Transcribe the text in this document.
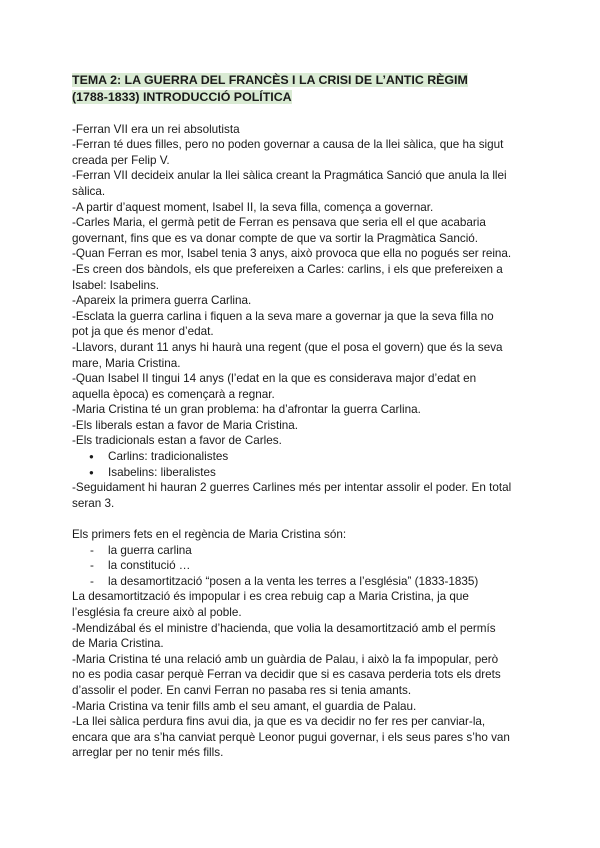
TEMA 2: LA GUERRA DEL FRANCÈS I LA CRISI DE L’ANTIC RÈGIM
(1788-1833) INTRODUCCIÓ POLÍTICA
-Ferran VII era un rei absolutista
-Ferran té dues filles, pero no poden governar a causa de la llei sàlica, que ha sigut
creada per Felip V.
-Ferran VII decideix anular la llei sàlica creant la Pragmática Sanció que anula la llei
sàlica.
-A partir d’aquest moment, Isabel II, la seva filla, comença a governar.
-Carles Maria, el germà petit de Ferran es pensava que seria ell el que acabaria
governant, fins que es va donar compte de que va sortir la Pragmàtica Sanció.
-Quan Ferran es mor, Isabel tenia 3 anys, això provoca que ella no pogués ser reina.
-Es creen dos bàndols, els que prefereixen a Carles: carlins, i els que prefereixen a
Isabel: Isabelins.
-Apareix la primera guerra Carlina.
-Esclata la guerra carlina i fiquen a la seva mare a governar ja que la seva filla no
pot ja que és menor d’edat.
-Llavors, durant 11 anys hi haurà una regent (que el posa el govern) que és la seva
mare, Maria Cristina.
-Quan Isabel II tingui 14 anys (l’edat en la que es considerava major d’edat en
aquella època) es començarà a regnar.
-Maria Cristina té un gran problema: ha d’afrontar la guerra Carlina.
-Els liberals estan a favor de Maria Cristina.
-Els tradicionals estan a favor de Carles.
●	Carlins: tradicionalistes
●	Isabelins: liberalistes
-Seguidament hi hauran 2 guerres Carlines més per intentar assolir el poder. En total
seran 3.
Els primers fets en el regència de Maria Cristina són:
-	la guerra carlina
-	la constitució …
-	la desamortització “posen a la venta les terres a l’església” (1833-1835)
La desamortització és impopular i es crea rebuig cap a Maria Cristina, ja que
l’església fa creure això al poble.
-Mendizábal és el ministre d’hacienda, que volia la desamortització amb el permís
de Maria Cristina.
-Maria Cristina té una relació amb un guàrdia de Palau, i això la fa impopular, però
no es podia casar perquè Ferran va decidir que si es casava perderia tots els drets
d’assolir el poder. En canvi Ferran no pasaba res si tenia amants.
-Maria Cristina va tenir fills amb el seu amant, el guardia de Palau.
-La llei sàlica perdura fins avui dia, ja que es va decidir no fer res per canviar-la,
encara que ara s’ha canviat perquè Leonor pugui governar, i els seus pares s’ho van
arreglar per no tenir més fills.
